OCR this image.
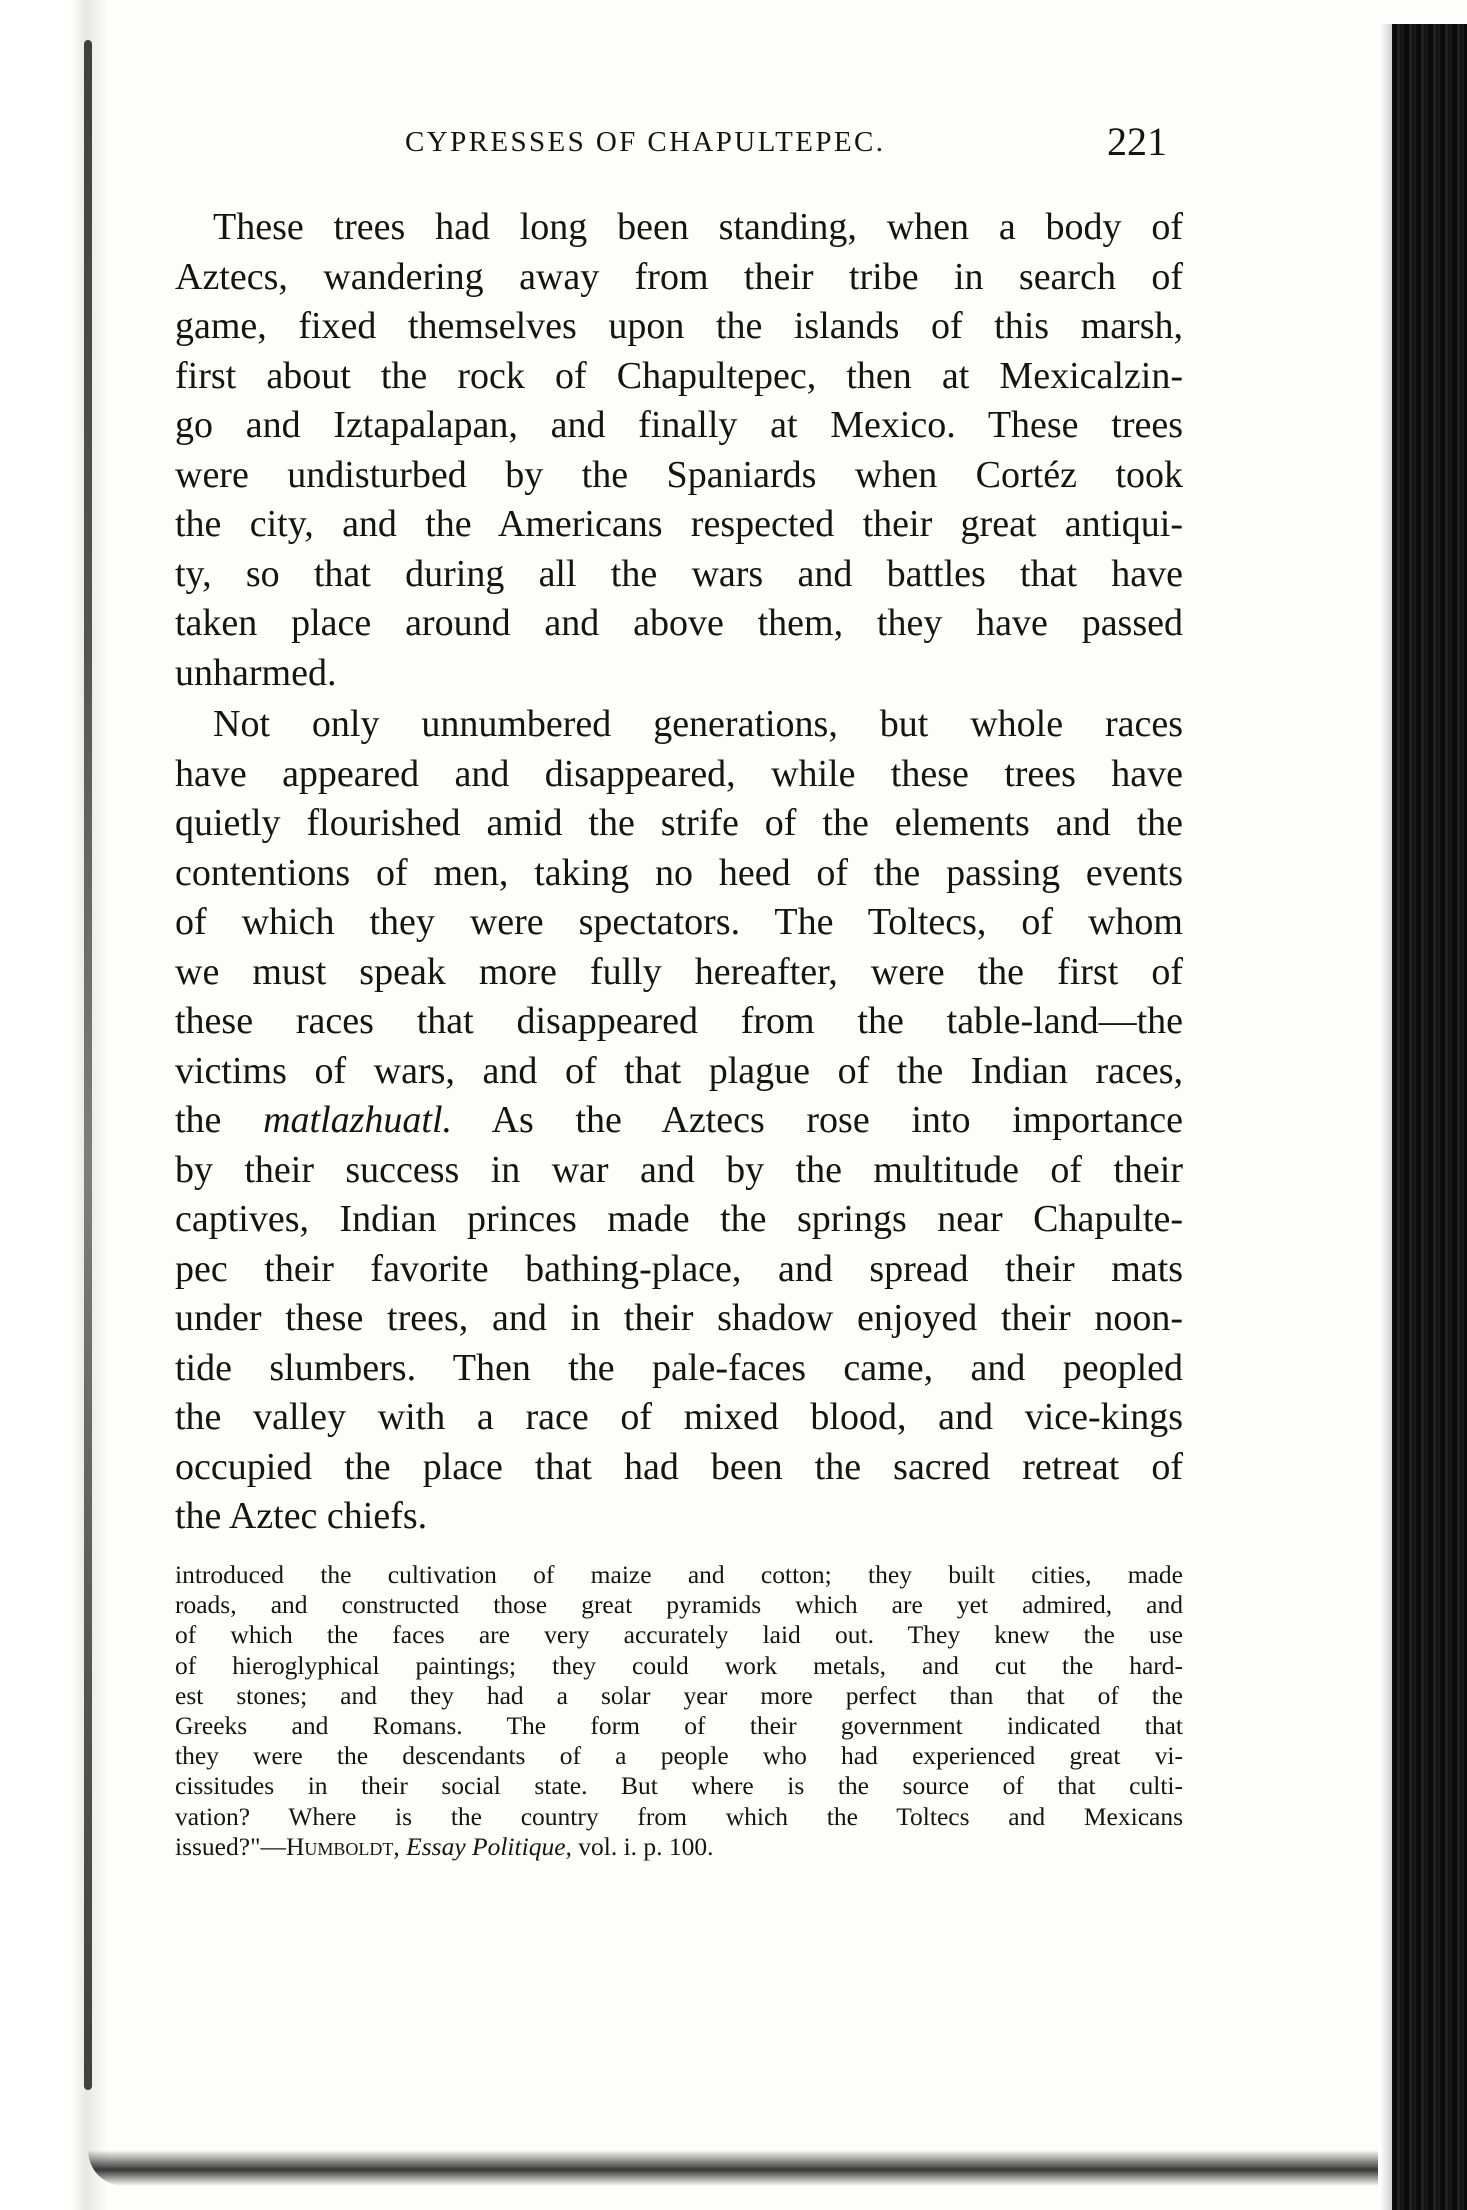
CYPRESSES OF CHAPULTEPEC.	221
These trees had long been standing, when a body of
Aztecs, wandering away from their tribe in search of
game, fixed themselves upon the islands of this marsh,
first about the rock of Chapultepec, then at Mexicalzin-
go and Iztapalapan, and finally at Mexico. These trees
were undisturbed by the Spaniards when Cortéz took
the city, and the Americans respected their great antiqui-
ty, so that during all the wars and battles that have
taken place around and above them, they have passed
unharmed.
Not only unnumbered generations, but whole races
have appeared and disappeared, while these trees have
quietly flourished amid the strife of the elements and the
contentions of men, taking no heed of the passing events
of which they were spectators. The Toltecs, of whom
we must speak more fully hereafter, were the first of
these races that disappeared from the table-land—the
victims of wars, and of that plague of the Indian races,
the matlazhuatl. As the Aztecs rose into importance
by their success in war and by the multitude of their
captives, Indian princes made the springs near Chapulte-
pec their favorite bathing-place, and spread their mats
under these trees, and in their shadow enjoyed their noon-
tide slumbers. Then the pale-faces came, and peopled
the valley with a race of mixed blood, and vice-kings
occupied the place that had been the sacred retreat of
the Aztec chiefs.
introduced the cultivation of maize and cotton; they built cities, made
roads, and constructed those great pyramids which are yet admired, and
of which the faces are very accurately laid out. They knew the use
of hieroglyphical paintings; they could work metals, and cut the hard-
est stones; and they had a solar year more perfect than that of the
Greeks and Romans. The form of their government indicated that
they were the descendants of a people who had experienced great vi-
cissitudes in their social state. But where is the source of that culti-
vation? Where is the country from which the Toltecs and Mexicans
issued?"—Humboldt, Essay Politique, vol. i. p. 100.
